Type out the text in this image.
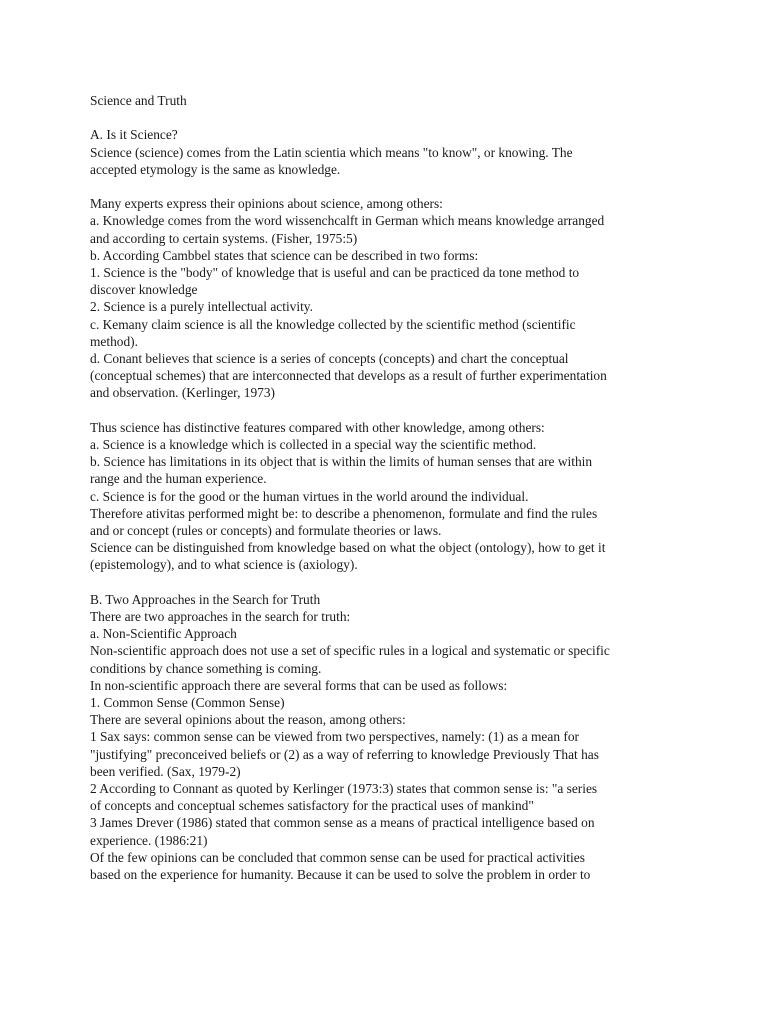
Science and Truth
A. Is it Science?
Science (science) comes from the Latin scientia which means "to know", or knowing. The
accepted etymology is the same as knowledge.
Many experts express their opinions about science, among others:
a. Knowledge comes from the word wissenchcalft in German which means knowledge arranged
and according to certain systems. (Fisher, 1975:5)
b. According Cambbel states that science can be described in two forms:
1. Science is the "body" of knowledge that is useful and can be practiced da tone method to
discover knowledge
2. Science is a purely intellectual activity.
c. Kemany claim science is all the knowledge collected by the scientific method (scientific
method).
d. Conant believes that science is a series of concepts (concepts) and chart the conceptual
(conceptual schemes) that are interconnected that develops as a result of further experimentation
and observation. (Kerlinger, 1973)
Thus science has distinctive features compared with other knowledge, among others:
a. Science is a knowledge which is collected in a special way the scientific method.
b. Science has limitations in its object that is within the limits of human senses that are within
range and the human experience.
c. Science is for the good or the human virtues in the world around the individual.
Therefore ativitas performed might be: to describe a phenomenon, formulate and find the rules
and or concept (rules or concepts) and formulate theories or laws.
Science can be distinguished from knowledge based on what the object (ontology), how to get it
(epistemology), and to what science is (axiology).
B. Two Approaches in the Search for Truth
There are two approaches in the search for truth:
a. Non-Scientific Approach
Non-scientific approach does not use a set of specific rules in a logical and systematic or specific
conditions by chance something is coming.
In non-scientific approach there are several forms that can be used as follows:
1. Common Sense (Common Sense)
There are several opinions about the reason, among others:
1 Sax says: common sense can be viewed from two perspectives, namely: (1) as a mean for
"justifying" preconceived beliefs or (2) as a way of referring to knowledge Previously That has
been verified. (Sax, 1979-2)
2 According to Connant as quoted by Kerlinger (1973:3) states that common sense is: "a series
of concepts and conceptual schemes satisfactory for the practical uses of mankind"
3 James Drever (1986) stated that common sense as a means of practical intelligence based on
experience. (1986:21)
Of the few opinions can be concluded that common sense can be used for practical activities
based on the experience for humanity. Because it can be used to solve the problem in order to
